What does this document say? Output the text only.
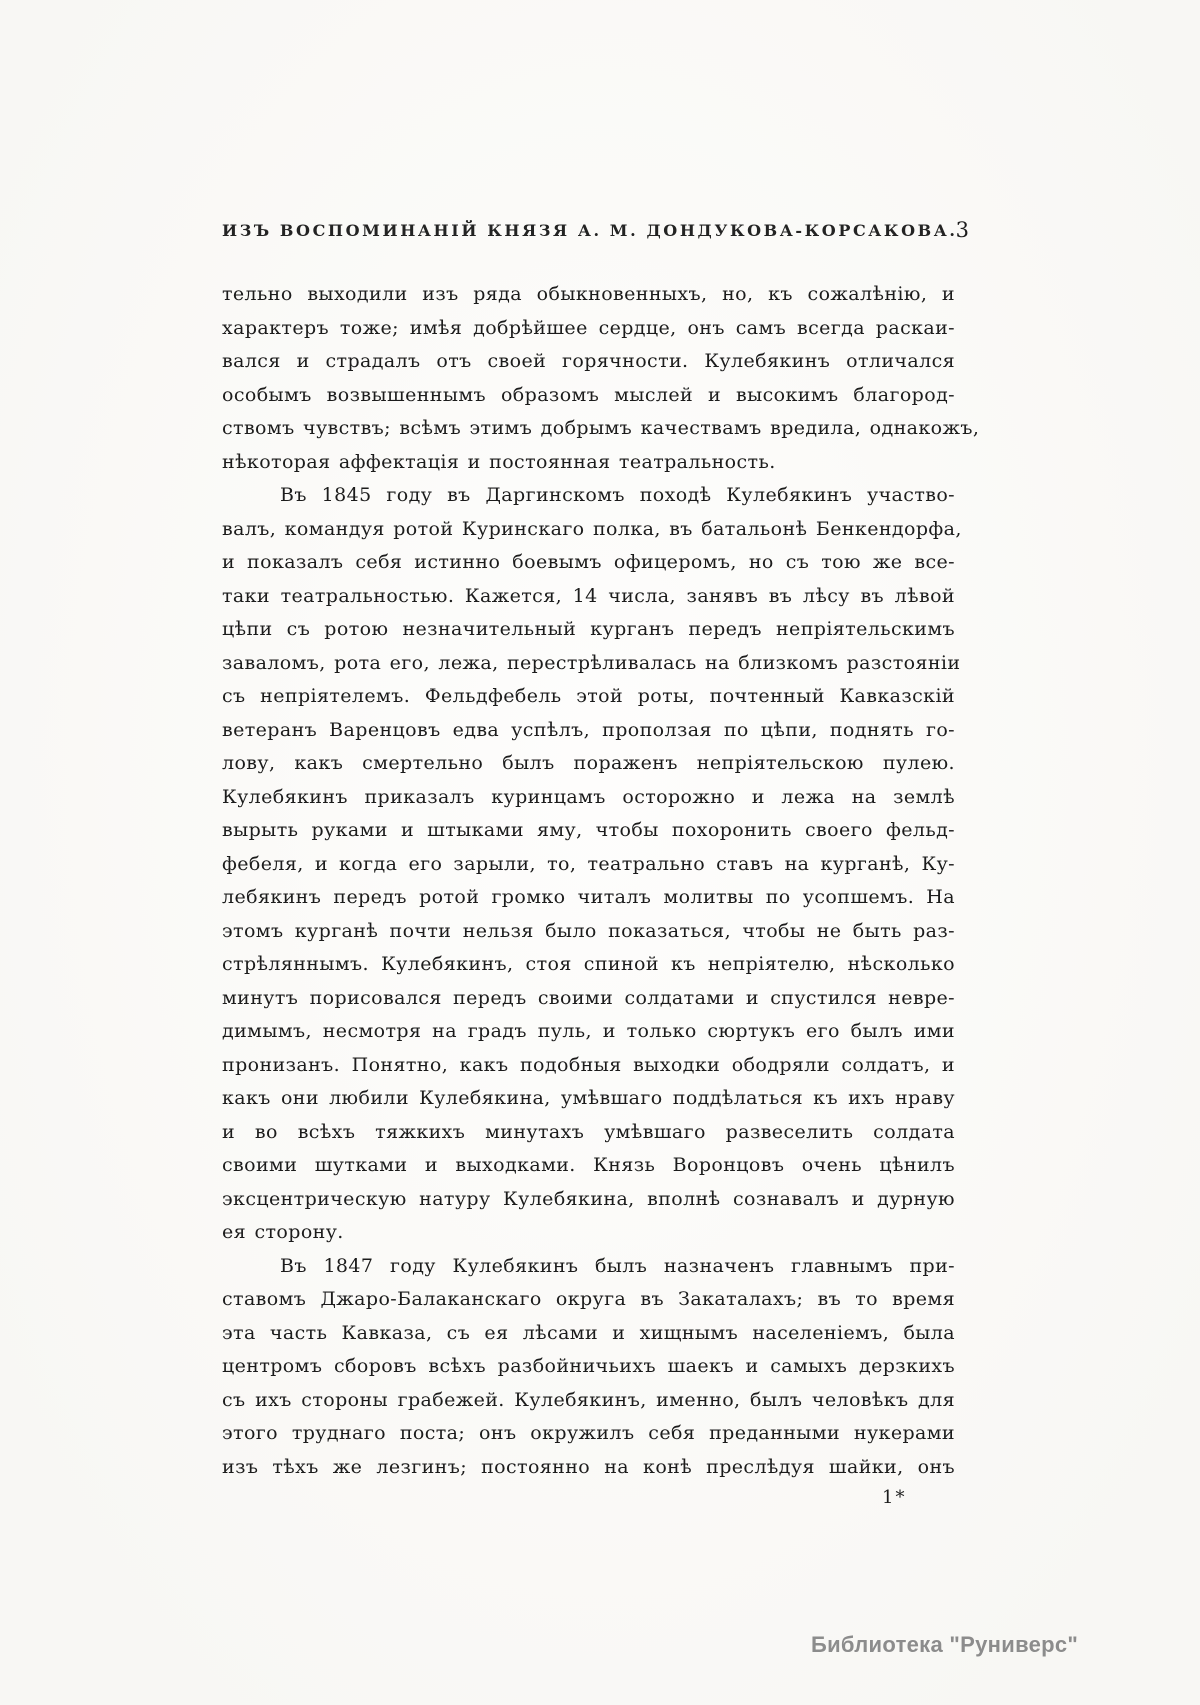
ИЗЪ ВОСПОМИНАНІЙ КНЯЗЯ А. М. ДОНДУКОВА-КОРСАКОВА.
3
тельно выходили изъ ряда обыкновенныхъ, но, къ сожалѣнію, и
характеръ тоже; имѣя добрѣйшее сердце, онъ самъ всегда раскаи-
вался и страдалъ отъ своей горячности. Кулебякинъ отличался
особымъ возвышеннымъ образомъ мыслей и высокимъ благород-
ствомъ чувствъ; всѣмъ этимъ добрымъ качествамъ вредила, однакожъ,
нѣкоторая аффектація и постоянная театральность.
Въ 1845 году въ Даргинскомъ походѣ Кулебякинъ участво-
валъ, командуя ротой Куринскаго полка, въ батальонѣ Бенкендорфа,
и показалъ себя истинно боевымъ офицеромъ, но съ тою же все-
таки театральностью. Кажется, 14 числа, занявъ въ лѣсу въ лѣвой
цѣпи съ ротою незначительный курганъ передъ непріятельскимъ
заваломъ, рота его, лежа, перестрѣливалась на близкомъ разстояніи
съ непріятелемъ. Фельдфебель этой роты, почтенный Кавказскій
ветеранъ Варенцовъ едва успѣлъ, проползая по цѣпи, поднять го-
лову, какъ смертельно былъ пораженъ непріятельскою пулею.
Кулебякинъ приказалъ куринцамъ осторожно и лежа на землѣ
вырыть руками и штыками яму, чтобы похоронить своего фельд-
фебеля, и когда его зарыли, то, театрально ставъ на курганѣ, Ку-
лебякинъ передъ ротой громко читалъ молитвы по усопшемъ. На
этомъ курганѣ почти нельзя было показаться, чтобы не быть раз-
стрѣляннымъ. Кулебякинъ, стоя спиной къ непріятелю, нѣсколько
минутъ порисовался передъ своими солдатами и спустился невре-
димымъ, несмотря на градъ пуль, и только сюртукъ его былъ ими
пронизанъ. Понятно, какъ подобныя выходки ободряли солдатъ, и
какъ они любили Кулебякина, умѣвшаго поддѣлаться къ ихъ нраву
и во всѣхъ тяжкихъ минутахъ умѣвшаго развеселить солдата
своими шутками и выходками. Князь Воронцовъ очень цѣнилъ
эксцентрическую натуру Кулебякина, вполнѣ сознавалъ и дурную
ея сторону.
Въ 1847 году Кулебякинъ былъ назначенъ главнымъ при-
ставомъ Джаро-Балаканскаго округа въ Закаталахъ; въ то время
эта часть Кавказа, съ ея лѣсами и хищнымъ населеніемъ, была
центромъ сборовъ всѣхъ разбойничьихъ шаекъ и самыхъ дерзкихъ
съ ихъ стороны грабежей. Кулебякинъ, именно, былъ человѣкъ для
этого труднаго поста; онъ окружилъ себя преданными нукерами
изъ тѣхъ же лезгинъ; постоянно на конѣ преслѣдуя шайки, онъ
1*
Библиотека "Руниверс"
